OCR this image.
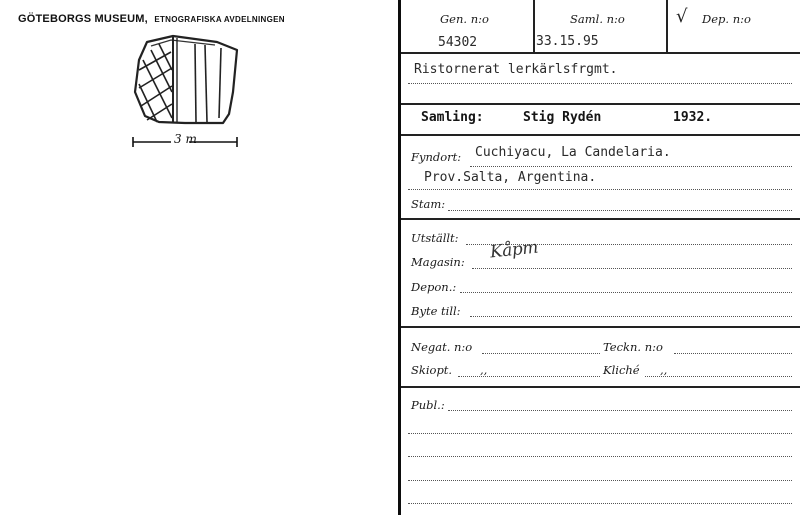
GÖTEBORGS MUSEUM, ETNOGRAFISKA AVDELNINGEN
3 m
Gen. n:o
54302
Saml. n:o
33.15.95
√ Dep. n:o
Ristornerat lerkärlsfrgmt.
Samling:	Stig Rydén	1932.
Fyndort: Cuchiyacu, La Candelaria.
Prov.Salta, Argentina.
Stam:
Utställt:
Magasin: Kåpm
Depon.:
Byte till:
Negat. n:o	Teckn. n:o
Skiopt. ,,	Kliché ,,
Publ.:
